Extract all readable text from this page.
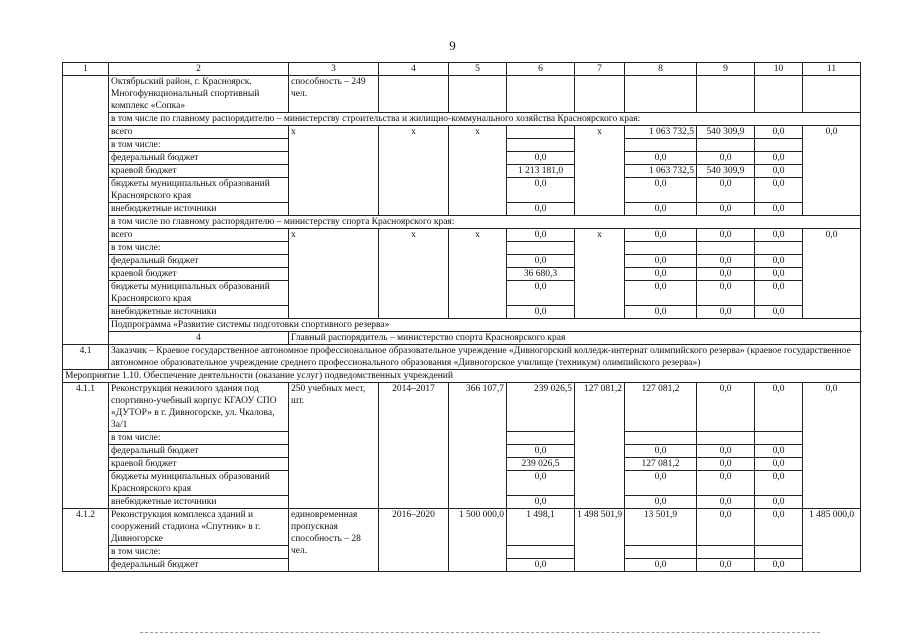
9
1	2	3	4	5	6	7	8	9	10	11
	Октябрьский район, г. Красноярск. Многофункциональный спортивный комплекс «Сопка»	способность – 249 чел.								
	в том числе по главному распорядителю – министерству строительства и жилищно-коммунального хозяйства Красноярского края:									
	всего	х	х	х		х	1 063 732,5	540 309,9	0,0	0,0
	в том числе:									
	федеральный бюджет				0,0		0,0	0,0	0,0	
	краевой бюджет				1 213 181,0		1 063 732,5	540 309,9	0,0	
	бюджеты муниципальных образований Красноярского края				0,0		0,0	0,0	0,0	

	внебюджетные источники				0,0		0,0	0,0	0,0	
	в том числе по главному распорядителю – министерству спорта Красноярского края:									
	всего	х	х	х	0,0	х	0,0	0,0	0,0	0,0
	в том числе:									
	федеральный бюджет				0,0		0,0	0,0	0,0	
	краевой бюджет				36 680,3		0,0	0,0	0,0	
	бюджеты муниципальных образований Красноярского края				0,0		0,0	0,0	0,0	

	внебюджетные источники				0,0		0,0	0,0	0,0	
	Подпрограмма «Развитие системы подготовки спортивного резерва»									
	4	Главный распорядитель – министерство спорта Красноярского края								
4.1	Заказчик – Краевое государственное автономное профессиональное образовательное учреждение «Дивногорский колледж-интернат олимпийского резерва» (краевое государственное автономное образовательное учреждение среднего профессионального образования «Дивногорское училище (техникум) олимпийского резерва»)									
Мероприятие 1.10. Обеспечение деятельности (оказание услуг) подведомственных учреждений										
4.1.1	Реконструкция нежилого здания под спортивно-учебный корпус КГАОУ СПО «ДУТОР» в г. Дивногорске, ул. Чкалова, 3а/1	250 учебных мест, шт.	2014–2017	366 107,7	239 026,5	127 081,2	127 081,2	0,0	0,0	0,0

	в том числе:									
	федеральный бюджет				0,0		0,0	0,0	0,0	
	краевой бюджет				239 026,5		127 081,2	0,0	0,0	
	бюджеты муниципальных образований Красноярского края				0,0		0,0	0,0	0,0	

	внебюджетные источники				0,0		0,0	0,0	0,0	
4.1.2	Реконструкция комплекса зданий и сооружений стадиона «Спутник» в г. Дивногорске	единовременная пропускная способность – 28 чел.	2016–2020	1 500 000,0	1 498,1	1 498 501,9	13 501,9	0,0	0,0	1 485 000,0
	в том числе:									
	федеральный бюджет				0,0		0,0	0,0	0,0	
